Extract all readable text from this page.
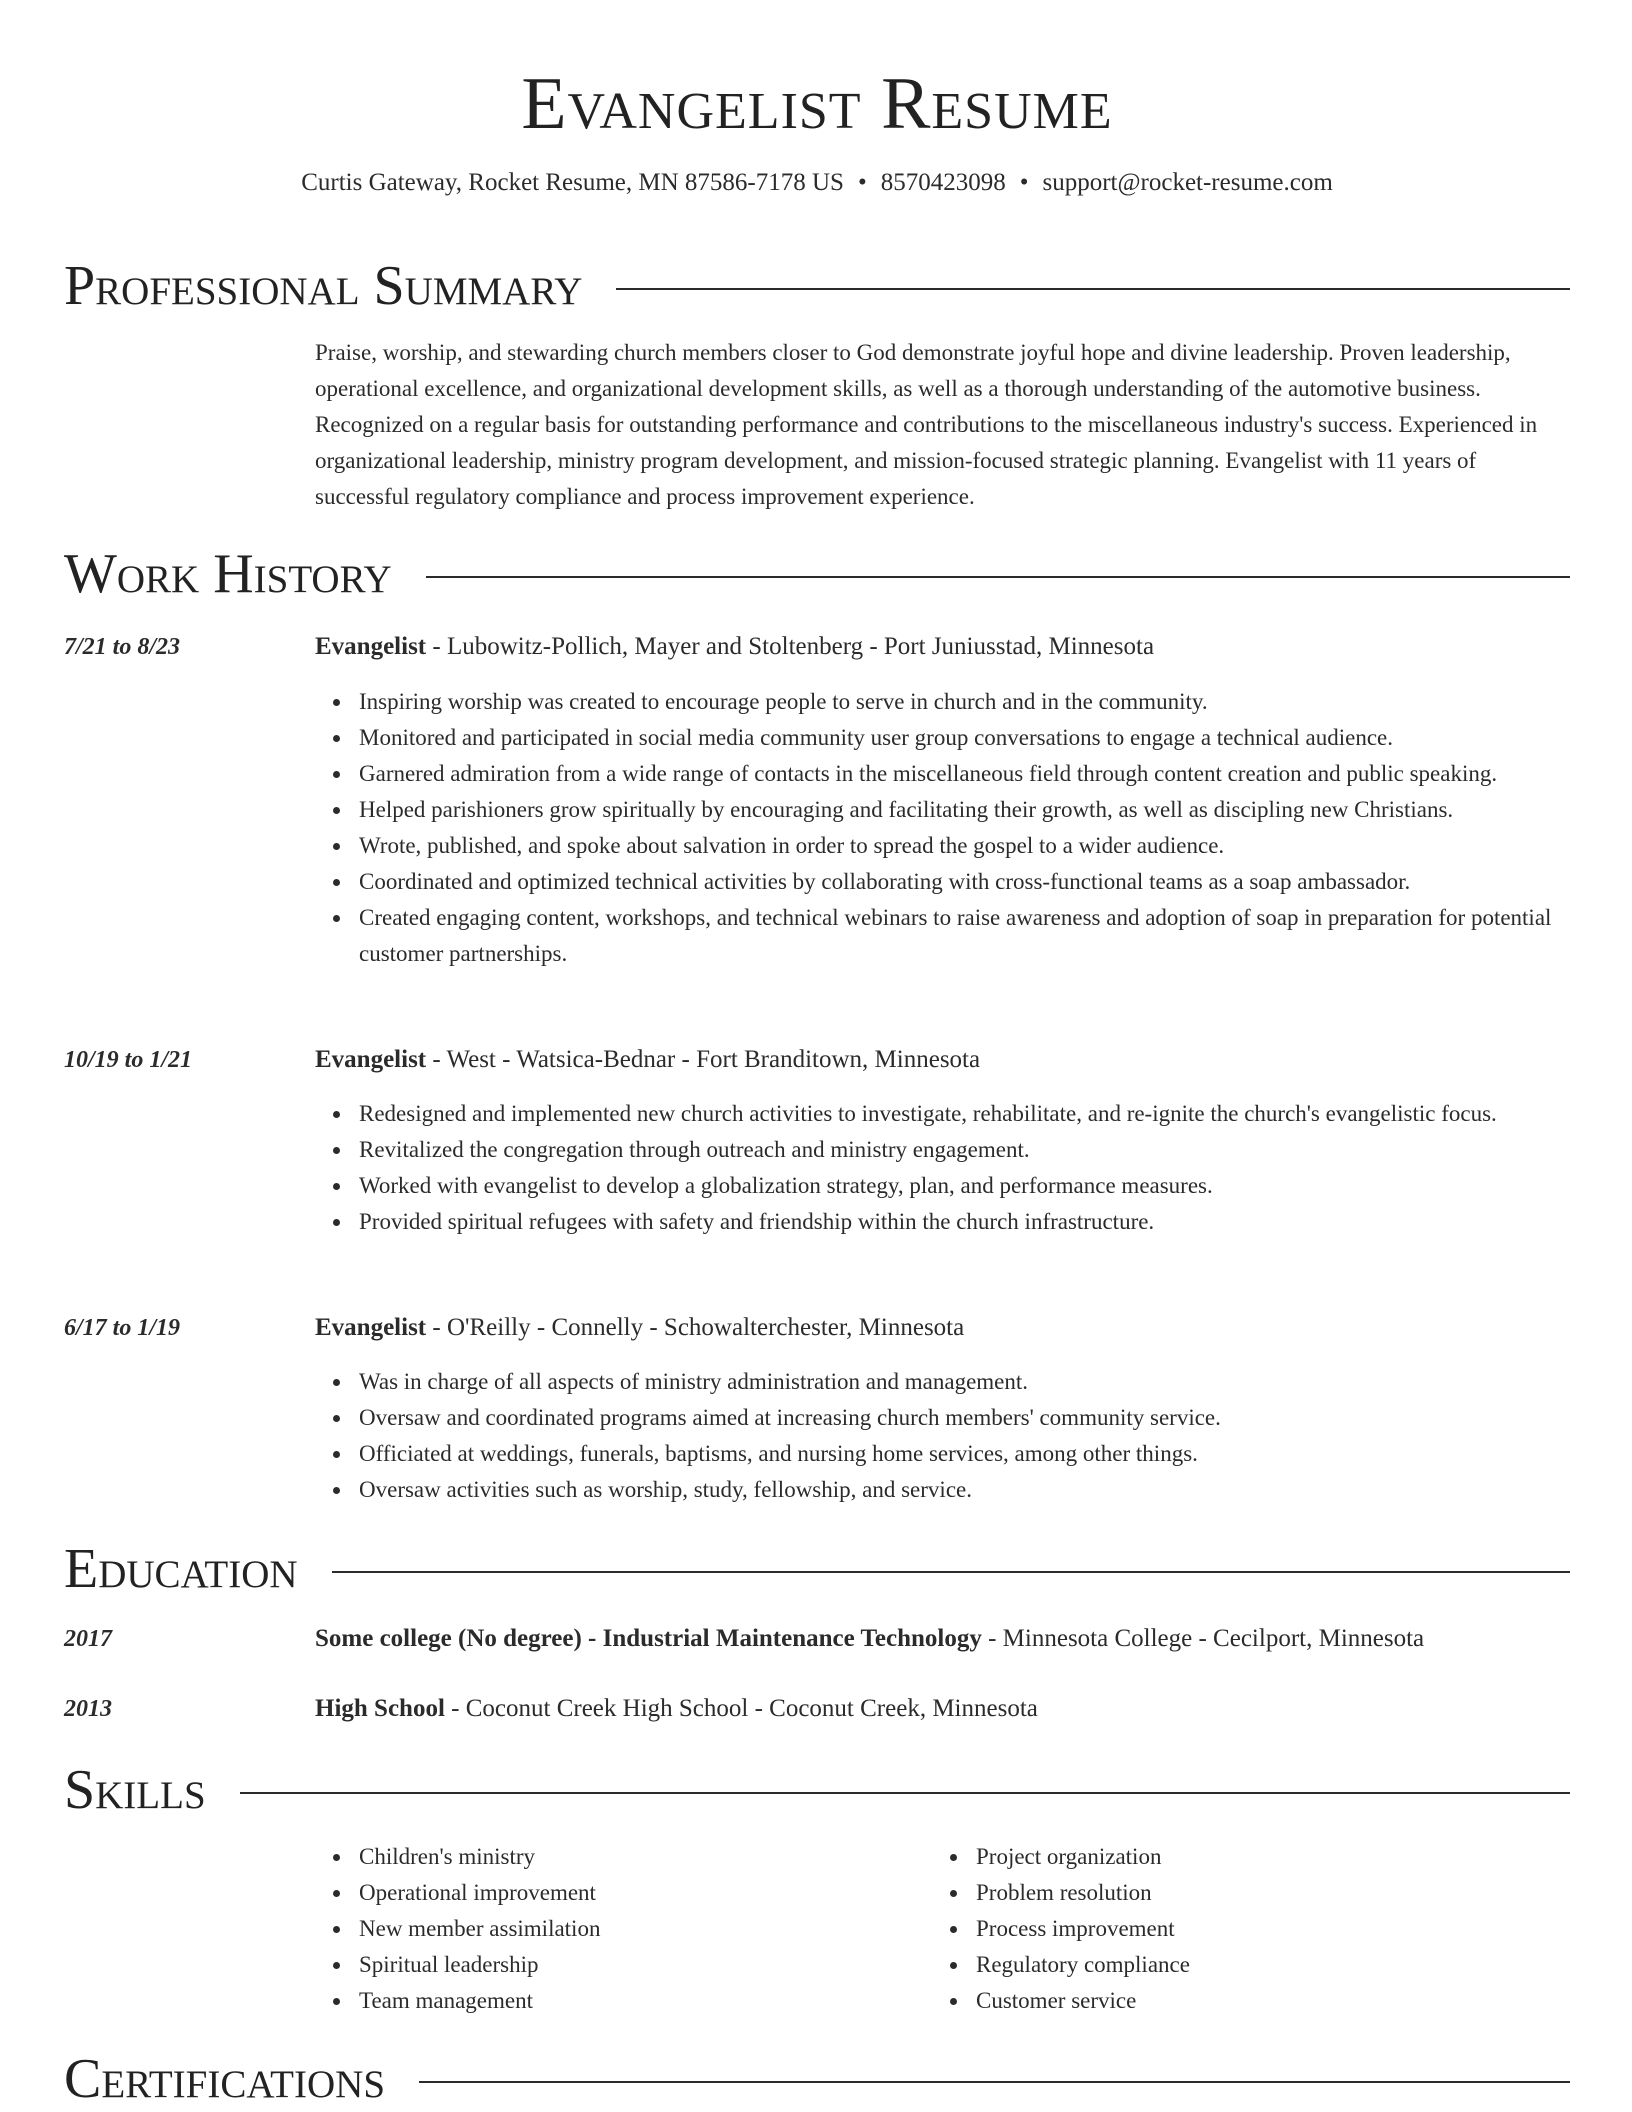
Evangelist Resume
Curtis Gateway, Rocket Resume, MN 87586-7178 US • 8570423098 • support@rocket-resume.com
Professional Summary
Praise, worship, and stewarding church members closer to God demonstrate joyful hope and divine leadership. Proven leadership, operational excellence, and organizational development skills, as well as a thorough understanding of the automotive business. Recognized on a regular basis for outstanding performance and contributions to the miscellaneous industry's success. Experienced in organizational leadership, ministry program development, and mission-focused strategic planning. Evangelist with 11 years of successful regulatory compliance and process improvement experience.
Work History
7/21 to 8/23	Evangelist - Lubowitz-Pollich, Mayer and Stoltenberg - Port Juniusstad, Minnesota
Inspiring worship was created to encourage people to serve in church and in the community.
Monitored and participated in social media community user group conversations to engage a technical audience.
Garnered admiration from a wide range of contacts in the miscellaneous field through content creation and public speaking.
Helped parishioners grow spiritually by encouraging and facilitating their growth, as well as discipling new Christians.
Wrote, published, and spoke about salvation in order to spread the gospel to a wider audience.
Coordinated and optimized technical activities by collaborating with cross-functional teams as a soap ambassador.
Created engaging content, workshops, and technical webinars to raise awareness and adoption of soap in preparation for potential customer partnerships.
10/19 to 1/21	Evangelist - West - Watsica-Bednar - Fort Branditown, Minnesota
Redesigned and implemented new church activities to investigate, rehabilitate, and re-ignite the church's evangelistic focus.
Revitalized the congregation through outreach and ministry engagement.
Worked with evangelist to develop a globalization strategy, plan, and performance measures.
Provided spiritual refugees with safety and friendship within the church infrastructure.
6/17 to 1/19	Evangelist - O'Reilly - Connelly - Schowalterchester, Minnesota
Was in charge of all aspects of ministry administration and management.
Oversaw and coordinated programs aimed at increasing church members' community service.
Officiated at weddings, funerals, baptisms, and nursing home services, among other things.
Oversaw activities such as worship, study, fellowship, and service.
Education
2017	Some college (No degree) - Industrial Maintenance Technology - Minnesota College - Cecilport, Minnesota
2013	High School - Coconut Creek High School - Coconut Creek, Minnesota
Skills
Children's ministry
Operational improvement
New member assimilation
Spiritual leadership
Team management
Project organization
Problem resolution
Process improvement
Regulatory compliance
Customer service
Certifications
